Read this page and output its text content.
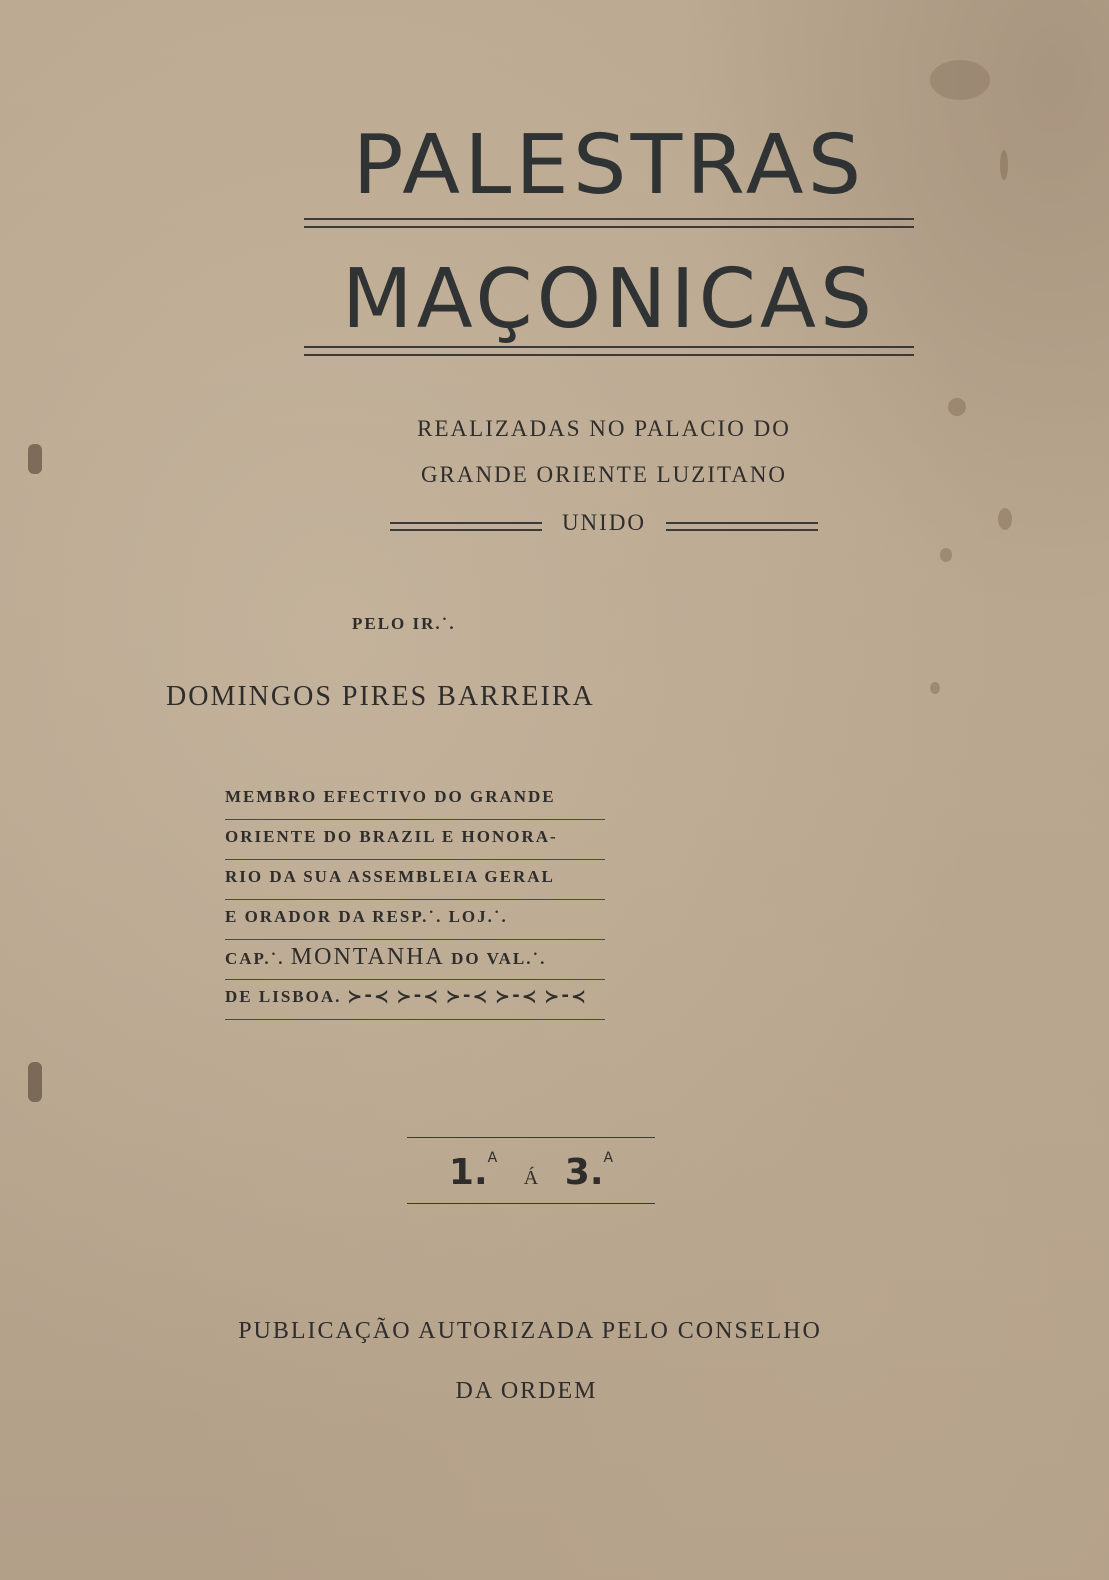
PALESTRAS
MAÇONICAS
REALIZADAS NO PALACIO DO
GRANDE ORIENTE LUZITANO
UNIDO
PELO IR.˙.
DOMINGOS PIRES BARREIRA
MEMBRO EFECTIVO DO GRANDE
ORIENTE DO BRAZIL E HONORA-
RIO DA SUA ASSEMBLEIA GERAL
E ORADOR DA RESP.˙. LOJ.˙.
CAP.˙. MONTANHA DO VAL.˙.
DE LISBOA. ≻⁃≺ ≻⁃≺ ≻⁃≺ ≻⁃≺ ≻⁃≺
1.$^A$ Á 3.$^A$
PUBLICAÇÃO AUTORIZADA PELO CONSELHO
DA ORDEM
